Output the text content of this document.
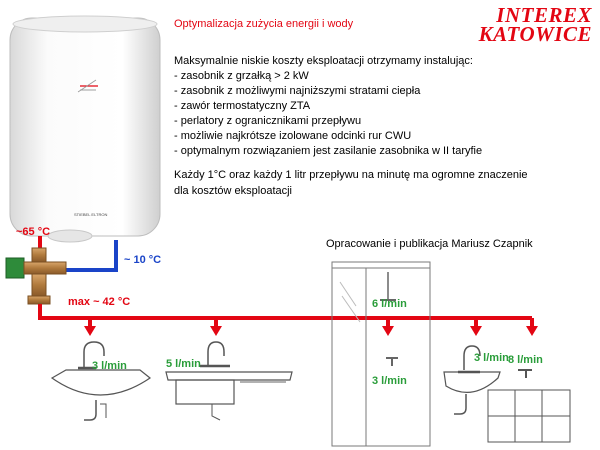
INTEREX
KATOWICE
Optymalizacja zużycia energii i wody
Maksymalnie niskie koszty eksploatacji otrzymamy instalując:
- zasobnik z grzałką > 2 kW
- zasobnik z możliwymi najniższymi stratami ciepła
- zawór termostatyczny ZTA
- perlatory z ogranicznikami przepływu
- możliwie najkrótsze izolowane odcinki rur CWU
- optymalnym rozwiązaniem jest zasilanie zasobnika w II taryfie
Każdy 1°C oraz każdy 1 litr przepływu na minutę ma ogromne znaczenie
dla kosztów eksploatacji
Opracowanie i publikacja Mariusz Czapnik
STIEBEL ELTRON
~65 °C
~ 10 °C
max ~ 42 °C
3 l/min	5 l/min
6 l/min
3 l/min
3 l/min 8 l/min
